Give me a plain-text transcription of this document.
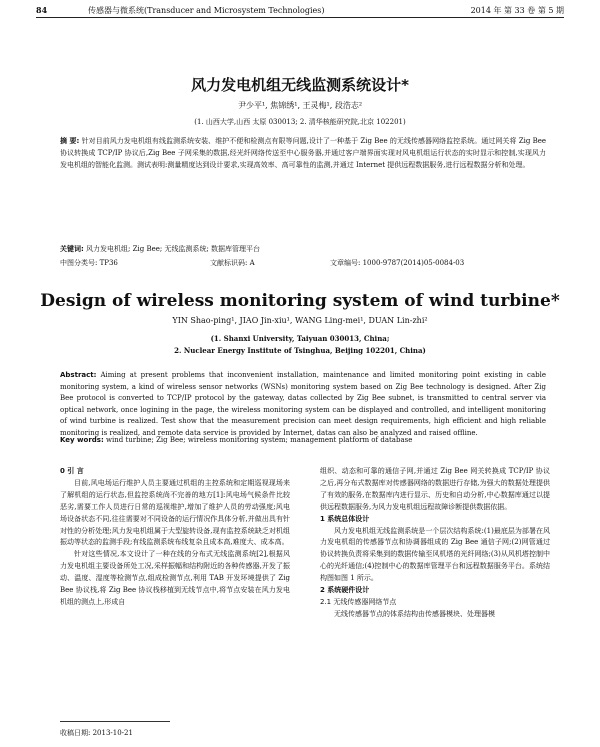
84	传感器与微系统(Transducer and Microsystem Technologies)	2014 年 第 33 卷 第 5 期
风力发电机组无线监测系统设计*
尹少平¹, 焦锦绣¹, 王灵梅¹, 段浩志²
(1. 山西大学,山西 太原 030013; 2. 清华核能研究院,北京 102201)
摘 要: 针对目前风力发电机组有线监测系统安装、维护不便和检测点有限等问题,设计了一种基于 Zig Bee 的无线传感器网络监控系统。通过网关将 Zig Bee 协议转换成 TCP/IP 协议后,Zig Bee 子网采集的数据,经光纤网络传送至中心服务器,并通过客户端界面实现对风电机组运行状态的实时显示和控制,实现风力发电机组的智能化监测。测试表明:测量精度达到设计要求,实现高效率、高可靠性的监测,并通过 Internet 提供远程数据服务,进行远程数据分析和处理。
关键词: 风力发电机组; Zig Bee; 无线监测系统; 数据库管理平台
中图分类号: TP36	文献标识码: A	文章编号: 1000-9787(2014)05-0084-03
Design of wireless monitoring system of wind turbine*
YIN Shao-ping¹, JIAO Jin-xiu¹, WANG Ling-mei¹, DUAN Lin-zhi²
(1. Shanxi University, Taiyuan 030013, China;
2. Nuclear Energy Institute of Tsinghua, Beijing 102201, China)
Abstract: Aiming at present problems that inconvenient installation, maintenance and limited monitoring point existing in cable monitoring system, a kind of wireless sensor networks (WSNs) monitoring system based on Zig Bee technology is designed. After Zig Bee protocol is converted to TCP/IP protocol by the gateway, datas collected by Zig Bee subnet, is transmitted to central server via optical network, once logining in the page, the wireless monitoring system can be displayed and controlled, and intelligent monitoring of wind turbine is realized. Test show that the measurement precision can meet design requirements, high efficient and high reliable monitoring is realized, and remote data service is provided by Internet, datas can also be analyzed and raised offline.
Key words: wind turbine; Zig Bee; wireless monitoring system; management platform of database

0 引 言

目前,风电场运行维护人员主要通过机组的主控系统和定期巡视现场来了解机组的运行状态,但监控系统尚不完善的地方[1]:风电场气候条件比较恶劣,需要工作人员进行日常的巡视维护,增加了维护人员的劳动强度;风电场设备状态不同,往往需要对不同设备的运行情况作具体分析,并做出具有针对性的分析处理;风力发电机组属于大型旋转设备,现有监控系统缺乏对机组振动等状态的监测手段;有线监测系统布线复杂且成本高,难度大、成本高。

针对这些情况,本文设计了一种在线的分布式无线监测系统[2],根据风力发电机组主要设备所处工况,采样振幅和结构附近的各种传感器,开发了振动、温度、湿度等检测节点,组成检测节点,利用 TAB 开发环境提供了 Zig Bee 协议栈,将 Zig Bee 协议栈移植到无线节点中,将节点安装在风力发电机组的测点上,形成自

组织、动态和可靠的通信子网,并通过 Zig Bee 网关转换成 TCP/IP 协议之后,再分布式数据库对传感器网络的数据进行存储,为强大的数据处理提供了有效的服务,在数据库内进行显示、历史和自动分析,中心数据库通过以提供远程数据服务,为风力发电机组远程故障诊断提供数据依据。

1 系统总体设计

风力发电机组无线监测系统是一个层次结构系统:(1)最底层为部署在风力发电机组的传感器节点和协调器组成的 Zig Bee 通信子网;(2)网管通过协议转换负责将采集到的数据传输至风机塔的光纤网络;(3)从风机塔控制中心的光纤通信;(4)控制中心的数据库管理平台和远程数据服务平台。系统结构图如图 1 所示。

2 系统硬件设计

2.1 无线传感器网络节点

无线传感器节点的体系结构由传感器模块、处理器模

收稿日期: 2013-10-21
